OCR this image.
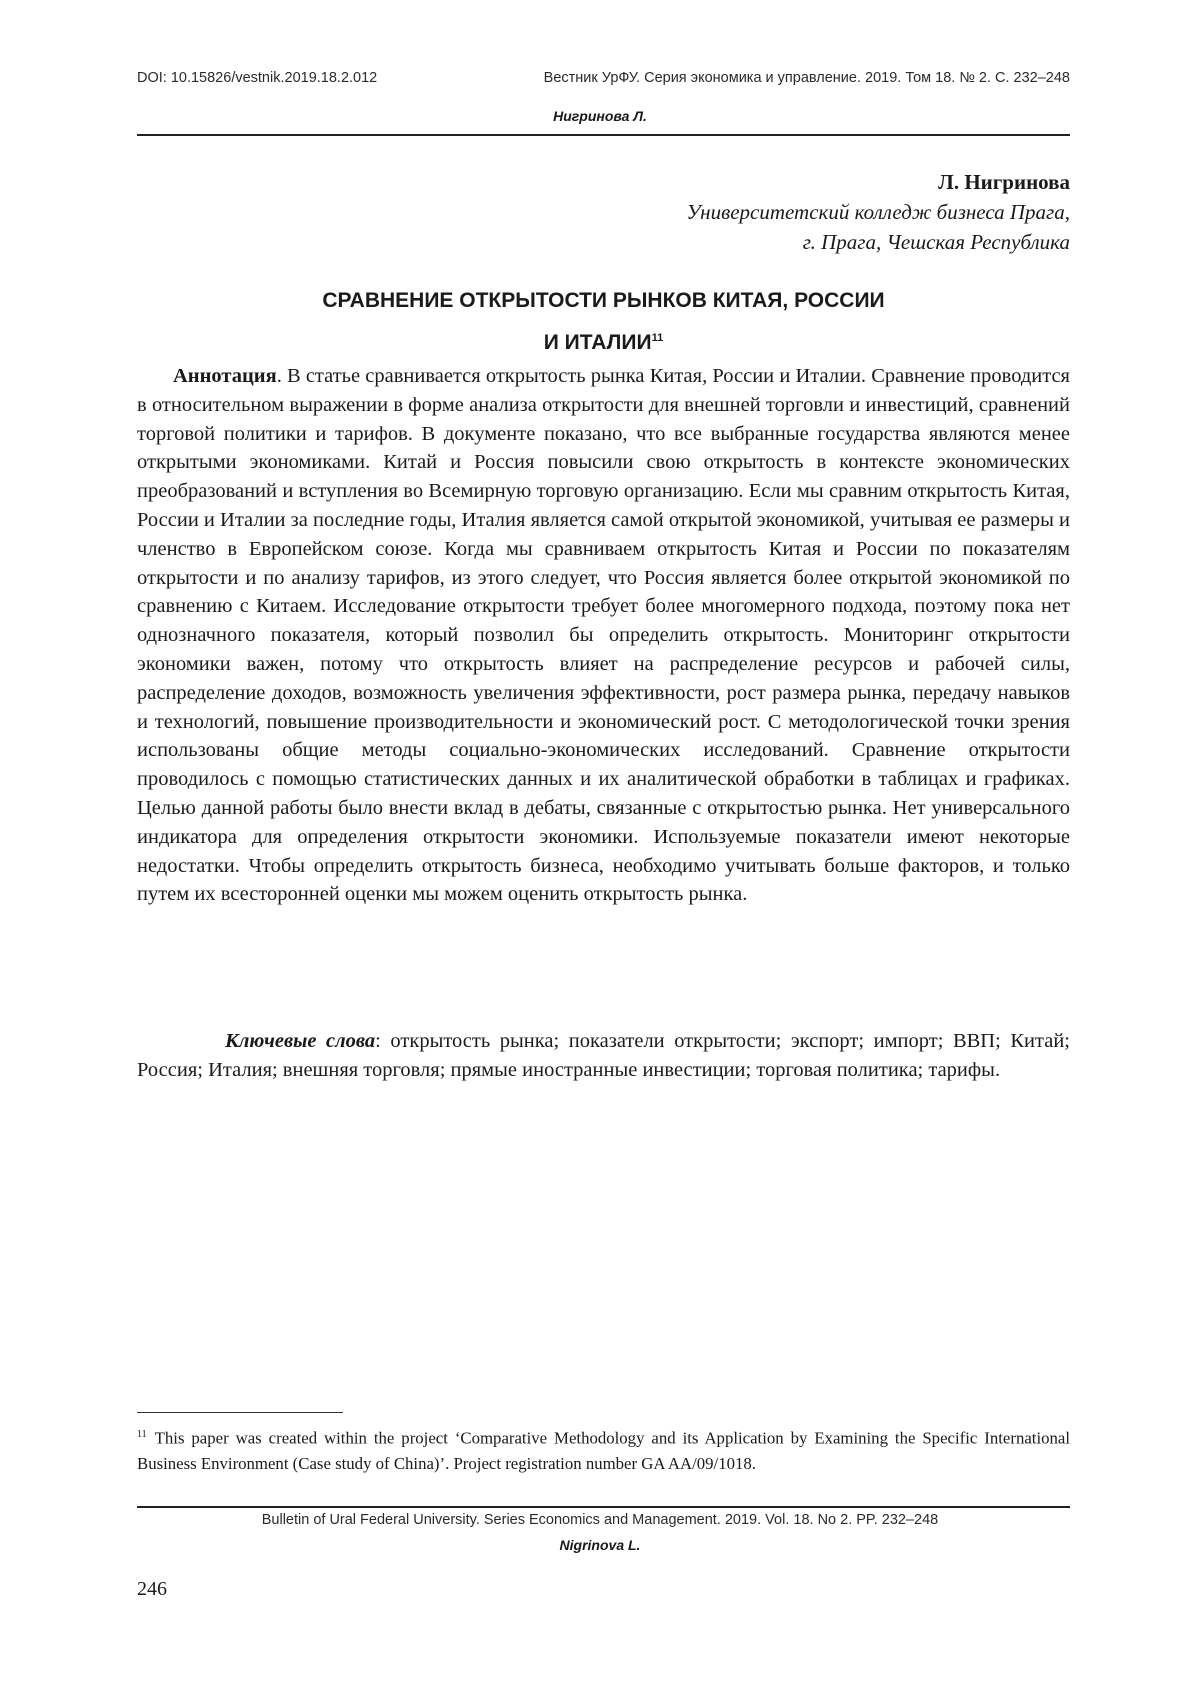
DOI: 10.15826/vestnik.2019.18.2.012	Вестник УрФУ. Серия экономика и управление. 2019. Том 18. № 2. С. 232–248
Нигринова Л.
Л. Нигринова
Университетский колледж бизнеса Прага,
г. Прага, Чешская Республика
СРАВНЕНИЕ ОТКРЫТОСТИ РЫНКОВ КИТАЯ, РОССИИ
И ИТАЛИИ$^{11}$

Аннотация. В статье сравнивается открытость рынка Китая, России и Италии. Сравнение проводится в относительном выражении в форме анализа открытости для внешней торговли и инвестиций, сравнений торговой политики и тарифов. В документе показано, что все выбранные государства являются менее открытыми экономиками. Китай и Россия повысили свою открытость в контексте экономических преобразований и вступления во Всемирную торговую организацию. Если мы сравним открытость Китая, России и Италии за последние годы, Италия является самой открытой экономикой, учитывая ее размеры и членство в Европейском союзе. Когда мы сравниваем открытость Китая и России по показателям открытости и по анализу тарифов, из этого следует, что Россия является более открытой экономикой по сравнению с Китаем. Исследование открытости требует более многомерного подхода, поэтому пока нет однозначного показателя, который позволил бы определить открытость. Мониторинг открытости экономики важен, потому что открытость влияет на распределение ресурсов и рабочей силы, распределение доходов, возможность увеличения эффективности, рост размера рынка, передачу навыков и технологий, повышение производительности и экономический рост. С методологической точки зрения использованы общие методы социально-экономических исследований. Сравнение открытости проводилось с помощью статистических данных и их аналитической обработки в таблицах и графиках. Целью данной работы было внести вклад в дебаты, связанные с открытостью рынка. Нет универсального индикатора для определения открытости экономики. Используемые показатели имеют некоторые недостатки. Чтобы определить открытость бизнеса, необходимо учитывать больше факторов, и только путем их всесторонней оценки мы можем оценить открытость рынка.

Ключевые слова: открытость рынка; показатели открытости; экспорт; импорт; ВВП; Китай; Россия; Италия; внешняя торговля; прямые иностранные инвестиции; торговая политика; тарифы.

$^{11}$ This paper was created within the project ‘Comparative Methodology and its Application by Examining the Specific International Business Environment (Case study of China)’. Project registration number GA AA/09/1018.

Bulletin of Ural Federal University. Series Economics and Management. 2019. Vol. 18. No 2. PP. 232–248
Nigrinova L.
246
